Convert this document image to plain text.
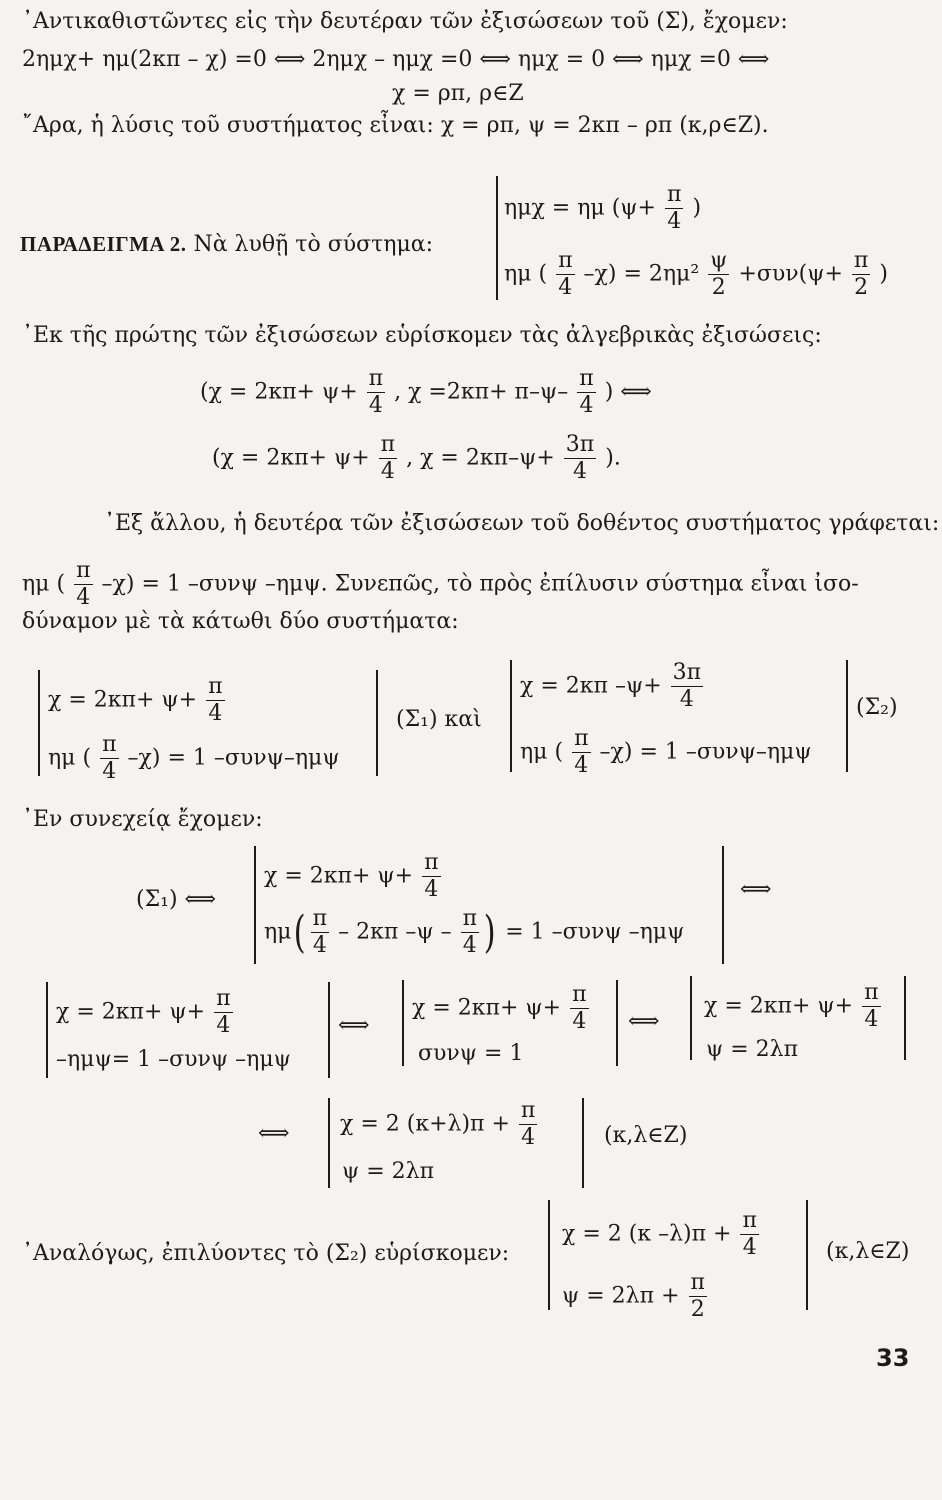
᾿Αντικαθιστῶντες εἰς τὴν δευτέραν τῶν ἐξισώσεων τοῦ (Σ), ἔχομεν:
2ημχ+ ημ(2κπ – χ) =0 ⟺ 2ημχ – ημχ =0 ⟺ ημχ = 0 ⟺ ημχ =0 ⟺
χ = ρπ, ρ∈Z
῎Αρα, ἡ λύσις τοῦ συστήματος εἶναι: χ = ρπ, ψ = 2κπ – ρπ (κ,ρ∈Z).
ημχ = ημ ($\psi+ \frac{\pi}{4}$ )
ΠΑΡΑΔΕΙΓΜΑ 2. Νὰ λυθῇ τὸ σύστημα:
ημ ( $\frac{\pi}{4} -\chi) = 2\eta\mu^2 \frac{\psi}{2} +\sigma\upsilon\nu(\psi+ \frac{\pi}{2}$ )
᾿Εκ τῆς πρώτης τῶν ἐξισώσεων εὑρίσκομεν τὰς ἀλγεβρικὰς ἐξισώσεις:
($\chi = 2\kappa\pi+ \psi+ \frac{\pi}{4}$ , $\chi =2\kappa\pi+ \pi-\psi- \frac{\pi}{4}$ ) ⟺
($\chi = 2\kappa\pi+ \psi+ \frac{\pi}{4}$ , $\chi = 2\kappa\pi-\psi+ \frac{3\pi}{4}$ ).
᾿Εξ ἄλλου, ἡ δευτέρα τῶν ἐξισώσεων τοῦ δοθέντος συστήματος γράφεται:
ημ ( $\frac{\pi}{4} -\chi) = 1$ –συνψ –ημψ. Συνεπῶς, τὸ πρὸς ἐπίλυσιν σύστημα εἶναι ἰσο-
δύναμον μὲ τὰ κάτωθι δύο συστήματα:
$\chi = 2\kappa\pi+ \psi+ \frac{\pi}{4}$
ημ ( $\frac{\pi}{4} -\chi) = 1$ –συνψ–ημψ
(Σ₁) καὶ
χ = 2κπ $-\psi+ \frac{3\pi}{4}$
ημ ( $\frac{\pi}{4} -\chi) = 1$ –συνψ–ημψ
(Σ₂)
᾿Εν συνεχείᾳ ἔχομεν:
(Σ₁) ⟺
$\chi = 2\kappa\pi+ \psi+ \frac{\pi}{4}$
$\eta\mu( \frac{\pi}{4} - 2\kappa\pi$ $-\psi - \frac{\pi}{4}$ ) = 1 –συνψ –ημψ
⟺
$\chi = 2\kappa\pi+ \psi+ \frac{\pi}{4}$
–ημψ= 1 –συνψ –ημψ
⟺
$\chi = 2\kappa\pi+ \psi+ \frac{\pi}{4}$
συνψ = 1
⟺
$\chi = 2\kappa\pi+ \psi+ \frac{\pi}{4}$
ψ = 2λπ
⟺ χ = 2 $(\kappa+\lambda)\pi + \frac{\pi}{4}$
ψ = 2λπ
(κ,λ∈Z)
χ = 2 (κ $-\lambda)\pi + \frac{\pi}{4}$
᾿Αναλόγως, ἐπιλύοντες τὸ (Σ₂) εὑρίσκομεν:
$\psi = 2\lambda\pi + \frac{\pi}{2}$
(κ,λ∈Z)
33
